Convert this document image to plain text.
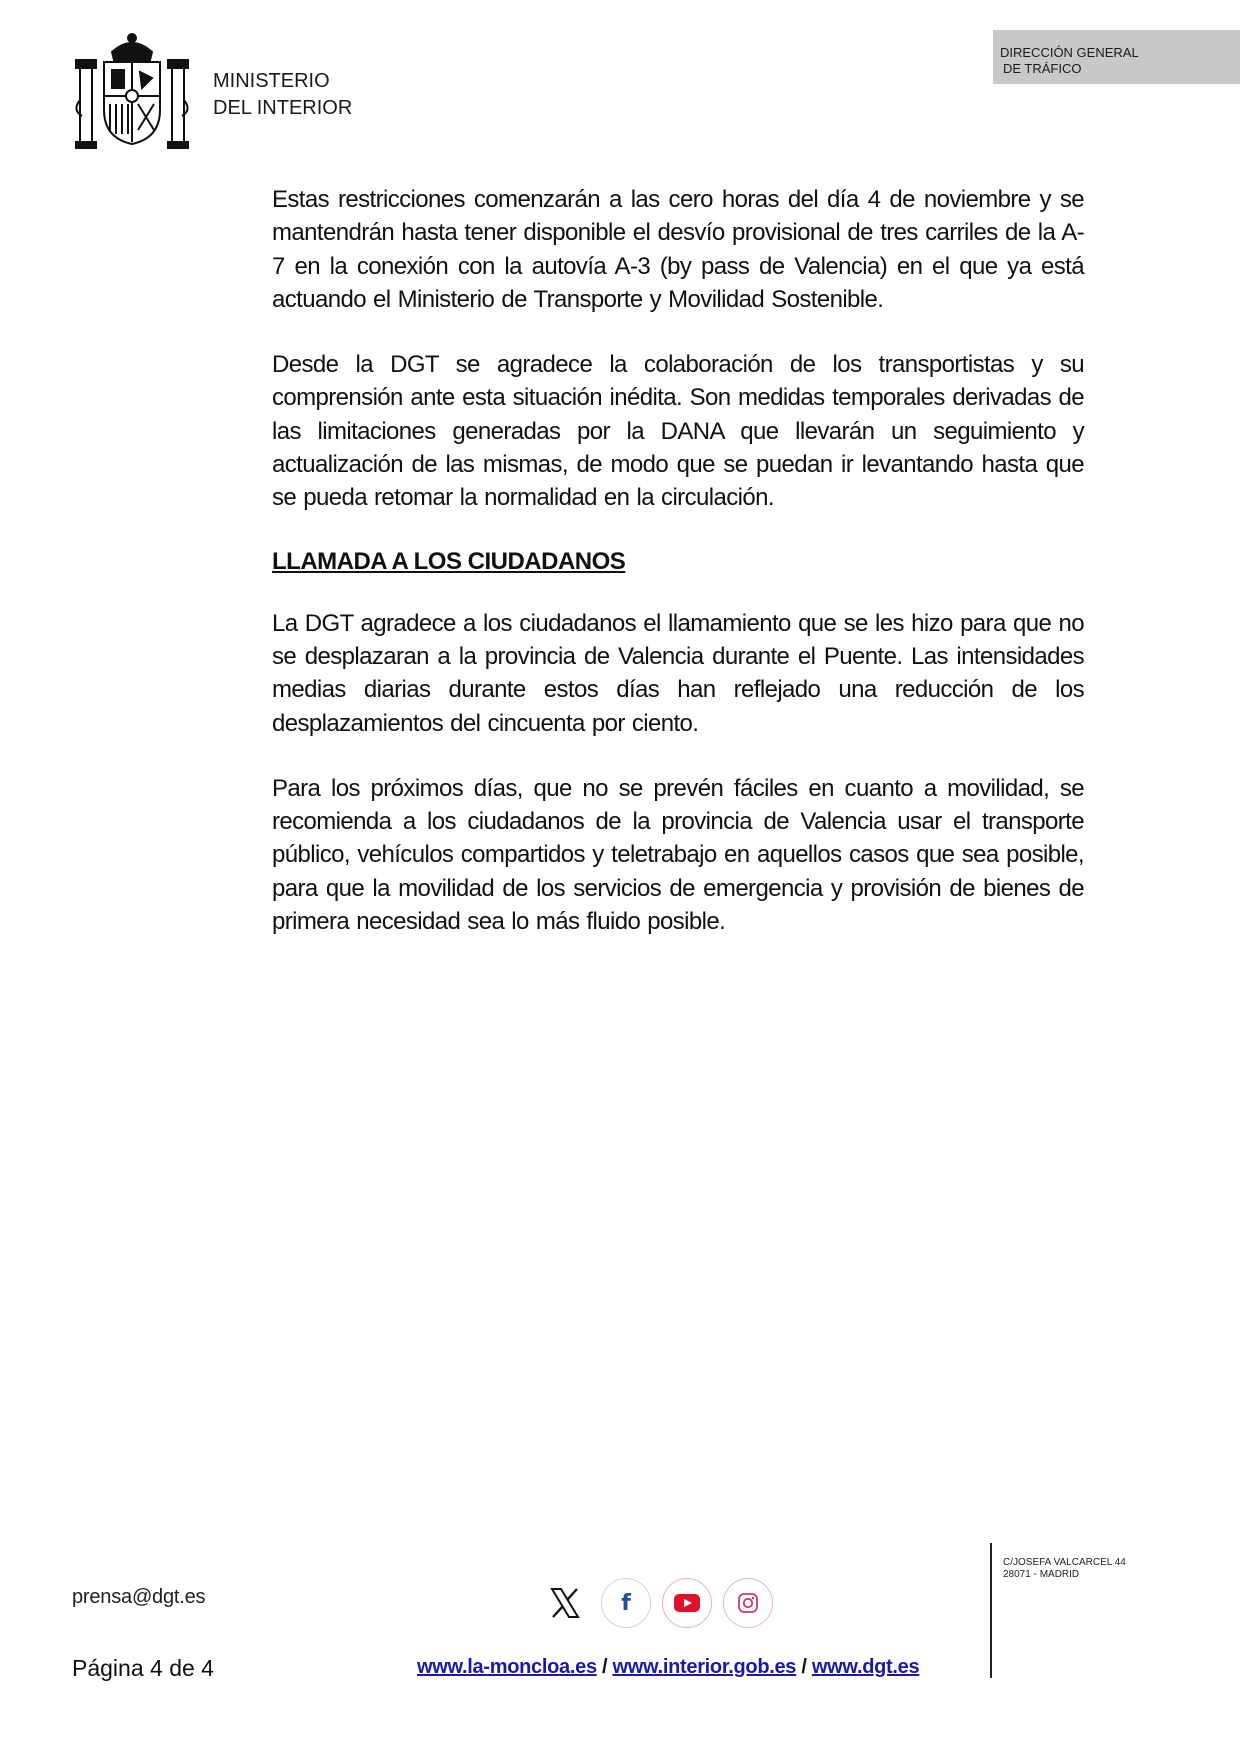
MINISTERIO
DEL INTERIOR
DIRECCIÓN GENERAL
DE TRÁFICO

Estas restricciones comenzarán a las cero horas del día 4 de noviembre y se mantendrán hasta tener disponible el desvío provisional de tres carriles de la A-7 en la conexión con la autovía A-3 (by pass de Valencia) en el que ya está actuando el Ministerio de Transporte y Movilidad Sostenible.

Desde la DGT se agradece la colaboración de los transportistas y su comprensión ante esta situación inédita. Son medidas temporales derivadas de las limitaciones generadas por la DANA que llevarán un seguimiento y actualización de las mismas, de modo que se puedan ir levantando hasta que se pueda retomar la normalidad en la circulación.

LLAMADA A LOS CIUDADANOS

La DGT agradece a los ciudadanos el llamamiento que se les hizo para que no se desplazaran a la provincia de Valencia durante el Puente. Las intensidades medias diarias durante estos días han reflejado una reducción de los desplazamientos del cincuenta por ciento.

Para los próximos días, que no se prevén fáciles en cuanto a movilidad, se recomienda a los ciudadanos de la provincia de Valencia usar el transporte público, vehículos compartidos y teletrabajo en aquellos casos que sea posible, para que la movilidad de los servicios de emergencia y provisión de bienes de primera necesidad sea lo más fluido posible.

prensa@dgt.es	f
Página 4 de 4	www.la-moncloa.es / www.interior.gob.es / www.dgt.es
C/JOSEFA VALCARCEL 44
28071 - MADRID
